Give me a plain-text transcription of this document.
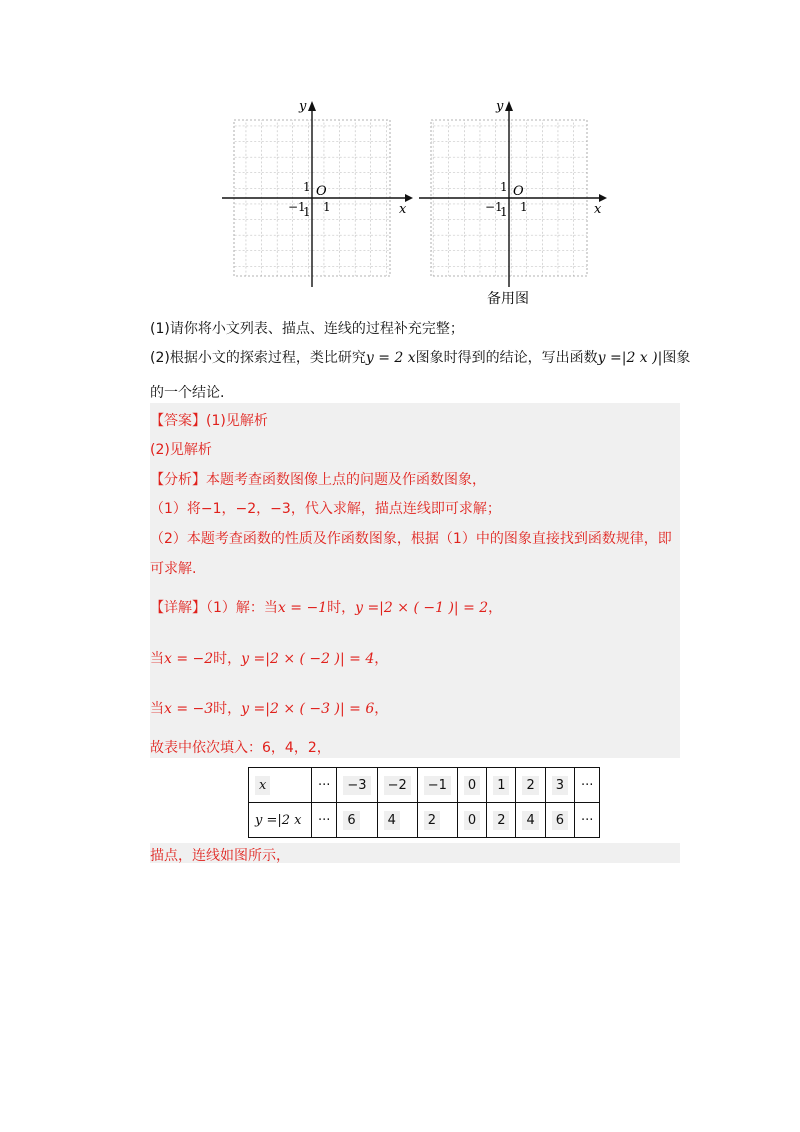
y
x
O
1
−1
1 1
y
x
O
1
−1
1 1
备用图
(1)请你将小文列表、描点、连线的过程补充完整；
(2)根据小文的探索过程，类比研究y = 2 x图象时得到的结论，写出函数y =|2 x )|图象
的一个结论.
【答案】(1)见解析
(2)见解析
【分析】本题考查函数图像上点的问题及作函数图象，
（1）将−1，−2，−3，代入求解，描点连线即可求解；
（2）本题考查函数的性质及作函数图象，根据（1）中的图象直接找到函数规律，即
可求解.
【详解】（1）解：当x = −1时，y =|2 × ( −1 )| = 2，
当x = −2时，y =|2 × ( −2 )| = 4，
当x = −3时，y =|2 × ( −3 )| = 6，
故表中依次填入：6，4，2，
x	···	−3	−2	−1	0	1	2	3	···
y =|2 x	···	6	4	2	0	2	4	6	···
描点，连线如图所示，
